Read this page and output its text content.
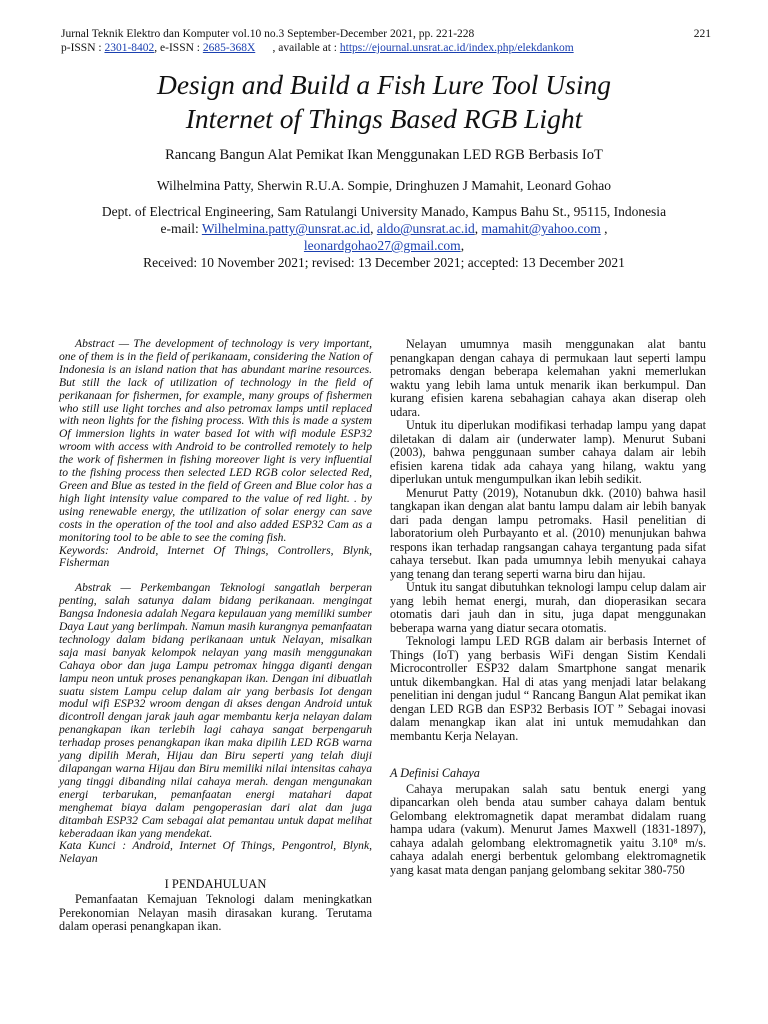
Jurnal Teknik Elektro dan Komputer vol.10 no.3 September-December 2021, pp. 221-228	221
p-ISSN : 2301-8402, e-ISSN : 2685-368X      , available at : https://ejournal.unsrat.ac.id/index.php/elekdankom
Design and Build a Fish Lure Tool Using
Internet of Things Based RGB Light
Rancang Bangun Alat Pemikat Ikan Menggunakan LED RGB Berbasis IoT
Wilhelmina Patty, Sherwin R.U.A. Sompie, Dringhuzen J Mamahit, Leonard Gohao
Dept. of Electrical Engineering, Sam Ratulangi University Manado, Kampus Bahu St., 95115, Indonesia
e-mail: Wilhelmina.patty@unsrat.ac.id, aldo@unsrat.ac.id, mamahit@yahoo.com ,
leonardgohao27@gmail.com,
Received: 10 November 2021; revised: 13 December 2021; accepted: 13 December 2021

Abstract — The development of technology is very important, one of them is in the field of perikanaam, considering the Nation of Indonesia is an island nation that has abundant marine resources. But still the lack of utilization of technology in the field of perikanaan for fishermen, for example, many groups of fishermen who still use light torches and also petromax lamps until replaced with neon lights for the fishing process. With this is made a system Of immersion lights in water based Iot with wifi module ESP32 wroom with access with Android to be controlled remotely to help the work of fishermen in fishing moreover light is very influential to the fishing process then selected LED RGB color selected Red, Green and Blue as tested in the field of Green and Blue color has a high light intensity value compared to the value of red light. . by using renewable energy, the utilization of solar energy can save costs in the operation of the tool and also added ESP32 Cam as a monitoring tool to be able to see the coming fish.

Keywords: Android, Internet Of Things, Controllers, Blynk, Fisherman

Abstrak — Perkembangan Teknologi sangatlah berperan penting, salah satunya dalam bidang perikanaan. mengingat Bangsa Indonesia adalah Negara kepulauan yang memiliki sumber Daya Laut yang berlimpah. Namun masih kurangnya pemanfaatan technology dalam bidang perikanaan untuk Nelayan, misalkan saja masi banyak kelompok nelayan yang masih menggunakan Cahaya obor dan juga Lampu petromax hingga diganti dengan lampu neon untuk proses penangkapan ikan. Dengan ini dibuatlah suatu sistem Lampu celup dalam air yang berbasis Iot dengan modul wifi ESP32 wroom dengan di akses dengan Android untuk dicontroll dengan jarak jauh agar membantu kerja nelayan dalam penangkapan ikan terlebih lagi cahaya sangat berpengaruh terhadap proses penangkapan ikan maka dipilih LED RGB warna yang dipilih Merah, Hijau dan Biru seperti yang telah diuji dilapangan warna Hijau dan Biru memiliki nilai intensitas cahaya yang tinggi dibanding nilai cahaya merah. dengan mengunakan energi terbarukan, pemanfaatan energi matahari dapat menghemat biaya dalam pengoperasian dari alat dan juga ditambah ESP32 Cam sebagai alat pemantau untuk dapat melihat keberadaan ikan yang mendekat.

Kata Kunci : Android, Internet Of Things, Pengontrol, Blynk, Nelayan

I PENDAHULUAN

Pemanfaatan Kemajuan Teknologi dalam meningkatkan Perekonomian Nelayan masih dirasakan kurang. Terutama dalam operasi penangkapan ikan.

Nelayan umumnya masih menggunakan alat bantu penangkapan dengan cahaya di permukaan laut seperti lampu petromaks dengan beberapa kelemahan yakni memerlukan waktu yang lebih lama untuk menarik ikan berkumpul. Dan kurang efisien karena sebahagian cahaya akan diserap oleh udara.

Untuk itu diperlukan modifikasi terhadap lampu yang dapat diletakan di dalam air (underwater lamp). Menurut Subani (2003), bahwa penggunaan sumber cahaya dalam air lebih efisien karena tidak ada cahaya yang hilang, waktu yang diperlukan untuk mengumpulkan ikan lebih sedikit.

Menurut Patty (2019), Notanubun dkk. (2010) bahwa hasil tangkapan ikan dengan alat bantu lampu dalam air lebih banyak dari pada dengan lampu petromaks. Hasil penelitian di laboratorium oleh Purbayanto et al. (2010) menunjukan bahwa respons ikan terhadap rangsangan cahaya tergantung pada sifat cahaya tersebut. Ikan pada umumnya lebih menyukai cahaya yang tenang dan terang seperti warna biru dan hijau.

Untuk itu sangat dibutuhkan teknologi lampu celup dalam air yang lebih hemat energi, murah, dan dioperasikan secara otomatis dari jauh dan in situ, juga dapat menggunakan beberapa warna yang diatur secara otomatis.

Teknologi lampu LED RGB dalam air berbasis Internet of Things (IoT) yang berbasis WiFi dengan Sistim Kendali Microcontroller ESP32 dalam Smartphone sangat menarik untuk dikembangkan. Hal di atas yang menjadi latar belakang penelitian ini dengan judul “ Rancang Bangun Alat pemikat ikan dengan LED RGB dan ESP32 Berbasis IOT ” Sebagai inovasi dalam menangkap ikan alat ini untuk memudahkan dan membantu Kerja Nelayan.

A Definisi Cahaya

Cahaya merupakan salah satu bentuk energi yang dipancarkan oleh benda atau sumber cahaya dalam bentuk Gelombang elektromagnetik dapat merambat didalam ruang hampa udara (vakum). Menurut James Maxwell (1831-1897), cahaya adalah gelombang elektromagnetik yaitu 3.10⁸ m/s. cahaya adalah energi berbentuk gelombang elektromagnetik yang kasat mata dengan panjang gelombang sekitar 380-750
